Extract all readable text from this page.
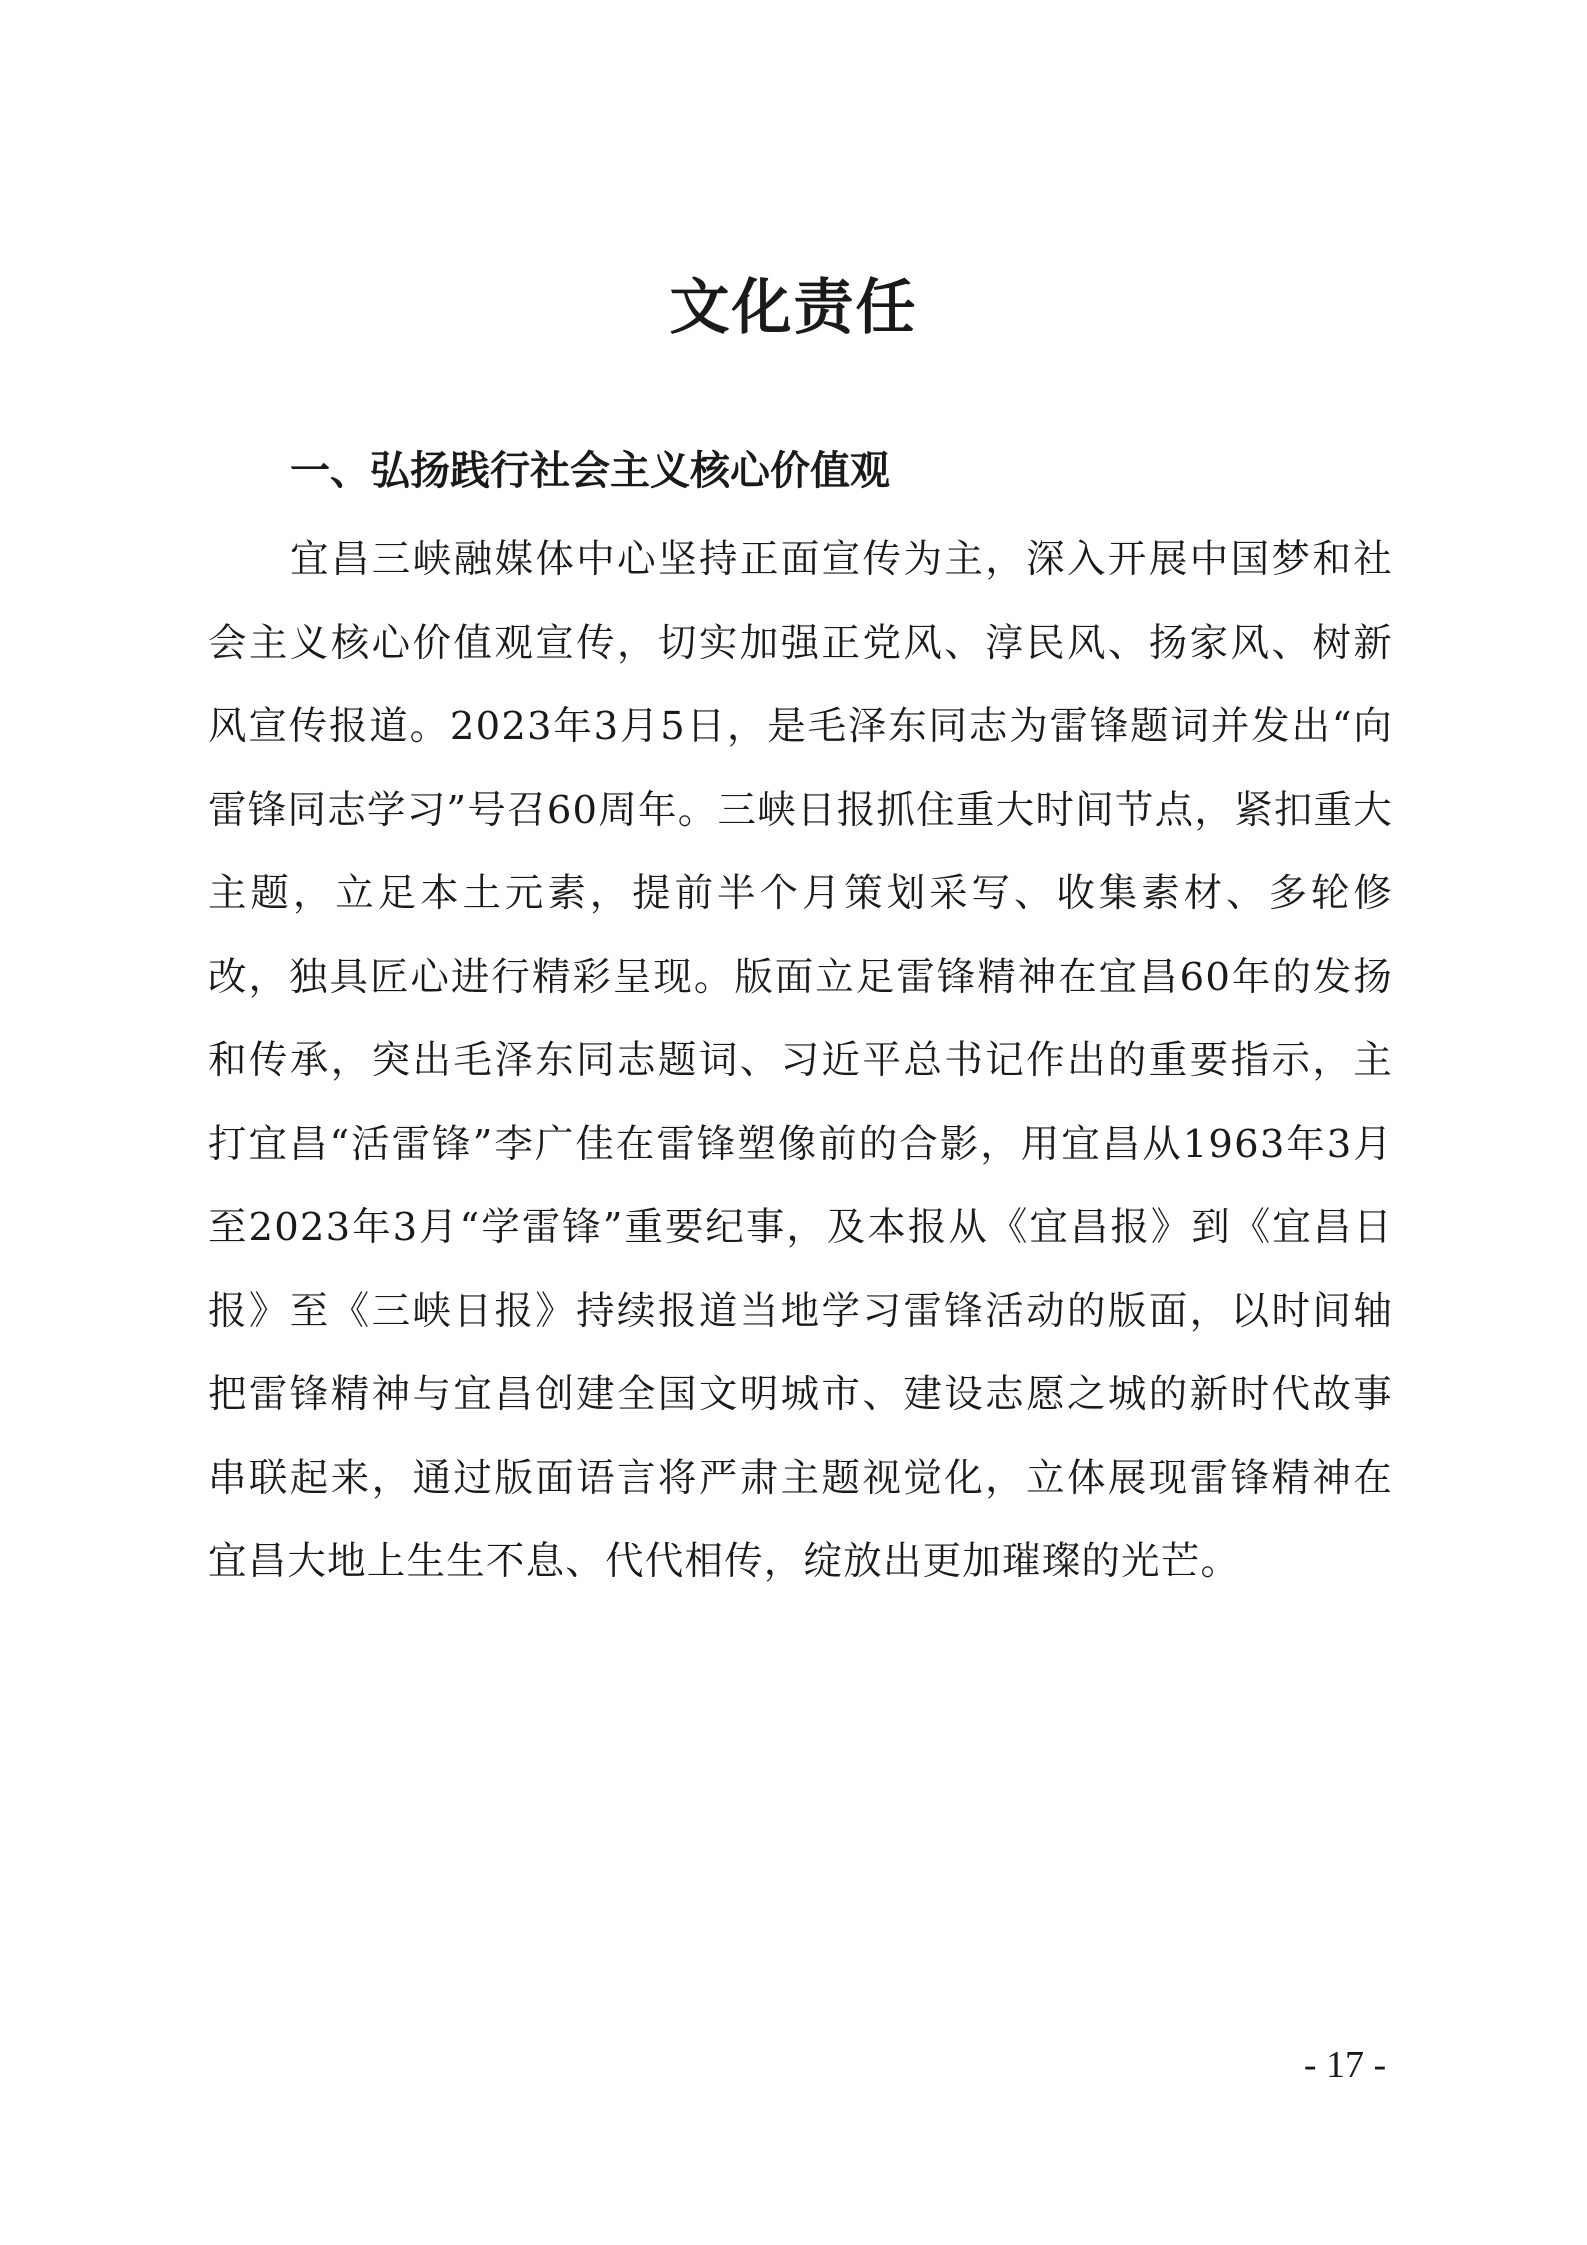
文化责任
一、弘扬践行社会主义核心价值观

宜昌三峡融媒体中心坚持正面宣传为主，深入开展中国梦和社会主义核心价值观宣传，切实加强正党风、淳民风、扬家风、树新风宣传报道。2023年3月5日，是毛泽东同志为雷锋题词并发出“向雷锋同志学习”号召60周年。三峡日报抓住重大时间节点，紧扣重大主题，立足本土元素，提前半个月策划采写、收集素材、多轮修改，独具匠心进行精彩呈现。版面立足雷锋精神在宜昌60年的发扬和传承，突出毛泽东同志题词、习近平总书记作出的重要指示，主打宜昌“活雷锋”李广佳在雷锋塑像前的合影，用宜昌从1963年3月至2023年3月“学雷锋”重要纪事，及本报从《宜昌报》到《宜昌日报》至《三峡日报》持续报道当地学习雷锋活动的版面，以时间轴把雷锋精神与宜昌创建全国文明城市、建设志愿之城的新时代故事串联起来，通过版面语言将严肃主题视觉化，立体展现雷锋精神在宜昌大地上生生不息、代代相传，绽放出更加璀璨的光芒。

- 17 -
